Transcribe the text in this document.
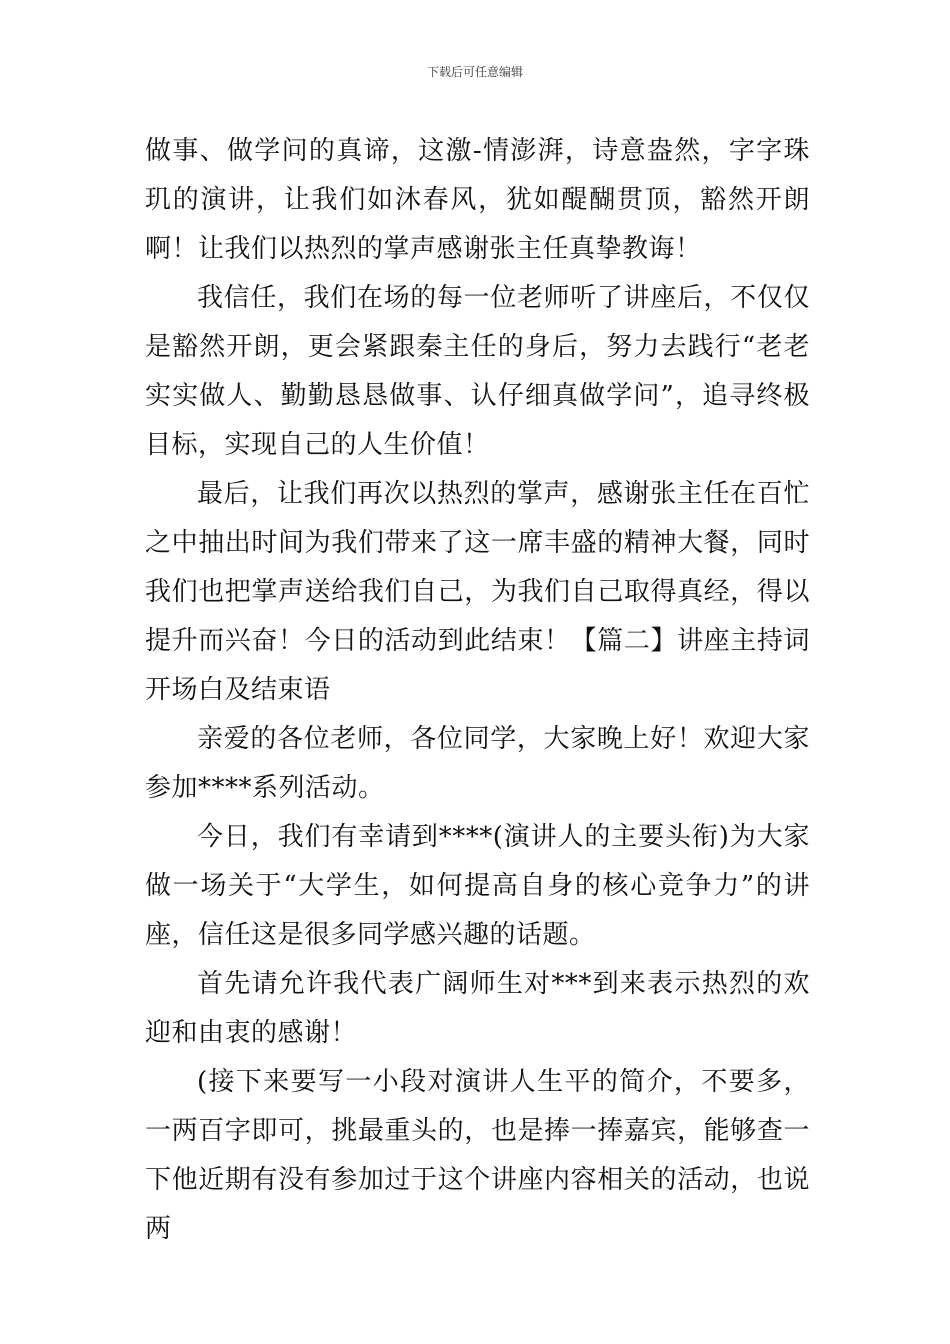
下载后可任意编辑

做事、做学问的真谛，这激-情澎湃，诗意盎然，字字珠玑的演讲，让我们如沐春风，犹如醍醐贯顶，豁然开朗啊！让我们以热烈的掌声感谢张主任真挚教诲！

我信任，我们在场的每一位老师听了讲座后，不仅仅是豁然开朗，更会紧跟秦主任的身后，努力去践行“老老实实做人、勤勤恳恳做事、认仔细真做学问”，追寻终极目标，实现自己的人生价值！

最后，让我们再次以热烈的掌声，感谢张主任在百忙之中抽出时间为我们带来了这一席丰盛的精神大餐，同时我们也把掌声送给我们自己，为我们自己取得真经，得以提升而兴奋！今日的活动到此结束！【篇二】讲座主持词开场白及结束语

亲爱的各位老师，各位同学，大家晚上好！欢迎大家参加****系列活动。

今日，我们有幸请到****(演讲人的主要头衔)为大家做一场关于“大学生，如何提高自身的核心竞争力”的讲座，信任这是很多同学感兴趣的话题。

首先请允许我代表广阔师生对***到来表示热烈的欢迎和由衷的感谢！

(接下来要写一小段对演讲人生平的简介，不要多，一两百字即可，挑最重头的，也是捧一捧嘉宾，能够查一下他近期有没有参加过于这个讲座内容相关的活动，也说两
